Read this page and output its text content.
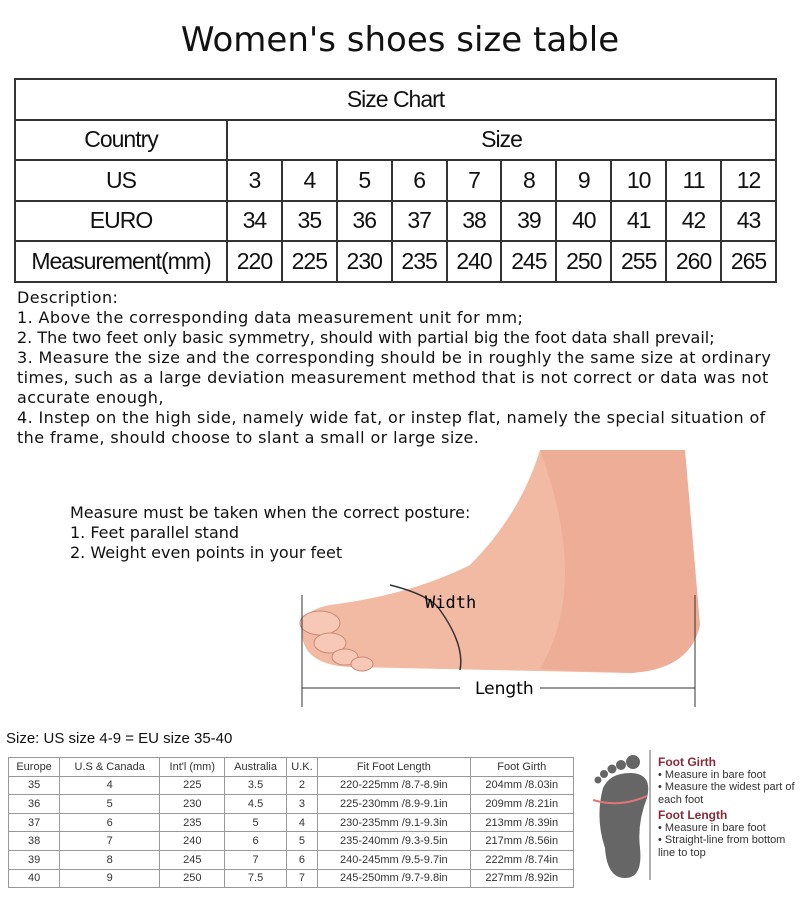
Women's shoes size table
Size Chart										
Country	Size									
US	3	4	5	6	7	8	9	10	11	12
EURO	34	35	36	37	38	39	40	41	42	43
Measurement(mm)	220	225	230	235	240	245	250	255	260	265
Description:
1. Above the corresponding data measurement unit for mm;
2. The two feet only basic symmetry, should with partial big the foot data shall prevail;
3. Measure the size and the corresponding should be in roughly the same size at ordinary times, such as a large deviation measurement method that is not correct or data was not accurate enough,
4. Instep on the high side, namely wide fat, or instep flat, namely the special situation of the frame, should choose to slant a small or large size.
Width
Length
Measure must be taken when the correct posture:
1. Feet parallel stand
2. Weight even points in your feet
Size: US size 4-9 = EU size 35-40
Europe	U.S & Canada	Int'l (mm)	Australia	U.K.	Fit Foot Length	Foot Girth
35	4	225	3.5	2	220-225mm /8.7-8.9in	204mm /8.03in
36	5	230	4.5	3	225-230mm /8.9-9.1in	209mm /8.21in
37	6	235	5	4	230-235mm /9.1-9.3in	213mm /8.39in
38	7	240	6	5	235-240mm /9.3-9.5in	217mm /8.56in
39	8	245	7	6	240-245mm /9.5-9.7in	222mm /8.74in
40	9	250	7.5	7	245-250mm /9.7-9.8in	227mm /8.92in
Foot Girth
• Measure in bare foot
• Measure the widest part of each foot
Foot Length
• Measure in bare foot
• Straight-line from bottom line to top
